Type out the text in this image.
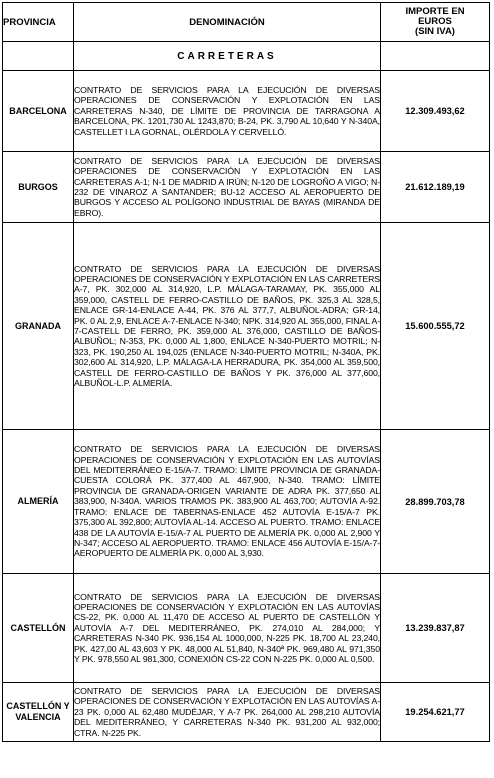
PROVINCIA	DENOMINACIÓN	IMPORTE EN
EUROS
(SIN IVA)

	CARRETERAS	
BARCELONA	CONTRATO DE SERVICIOS PARA LA EJECUCIÓN DE DIVERSAS OPERACIONES DE CONSERVACIÓN Y EXPLOTACIÓN EN LAS CARRETERAS N-340, DE LÍMITE DE PROVINCIA DE TARRAGONA A BARCELONA, PK. 1201,730 AL 1243,870; B-24, PK. 3,790 AL 10,640 Y N-340A, CASTELLET I LA GORNAL, OLÉRDOLA Y CERVELLÓ.	12.309.493,62
BURGOS	CONTRATO DE SERVICIOS PARA LA EJECUCIÓN DE DIVERSAS OPERACIONES DE CONSERVACIÓN Y EXPLOTACIÓN EN LAS CARRETERAS A-1; N-1 DE MADRID A IRÚN; N-120 DE LOGROÑO A VIGO; N-232 DE VINAROZ A SANTANDER; BU-12 ACCESO AL AEROPUERTO DE BURGOS Y ACCESO AL POLÍGONO INDUSTRIAL DE BAYAS (MIRANDA DE EBRO).	21.612.189,19
GRANADA	CONTRATO DE SERVICIOS PARA LA EJECUCIÓN DE DIVERSAS OPERACIONES DE CONSERVACIÓN Y EXPLOTACIÓN EN LAS CARRETERS A-7, PK. 302,000 AL 314,920, L.P. MÁLAGA-TARAMAY, PK. 355,000 AL 359,000, CASTELL DE FERRO-CASTILLO DE BAÑOS, PK. 325,3 AL 328,5, ENLACE GR-14-ENLACE A-44, PK. 376 AL 377,7, ALBUÑOL-ADRA; GR-14, PK. 0 AL 2,9, ENLACE A-7-ENLACE N-340; NPK. 314,920 AL 355,000, FINAL A-7-CASTELL DE FERRO, PK. 359,000 AL 376,000, CASTILLO DE BAÑOS-ALBUÑOL; N-353, PK. 0,000 AL 1,800, ENLACE N-340-PUERTO MOTRIL; N-323, PK. 190,250 AL 194,025 (ENLACE N-340-PUERTO MOTRIL; N-340A, PK. 302,600 AL 314,920, L.P. MÁLAGA-LA HERRADURA, PK. 354,000 AL 359,500, CASTELL DE FERRO-CASTILLO DE BAÑOS Y PK. 376,000 AL 377,600, ALBUÑOL-L.P. ALMERÍA.	15.600.555,72
ALMERÍA	CONTRATO DE SERVICIOS PARA LA EJECUCIÓN DE DIVERSAS OPERACIONES DE CONSERVACIÓN Y EXPLOTACIÓN EN LAS AUTOVÍAS DEL MEDITERRÁNEO E-15/A-7. TRAMO: LÍMITE PROVINCIA DE GRANADA-CUESTA COLORÁ PK. 377,400 AL 467,900, N-340. TRAMO: LÍMITE PROVINCIA DE GRANADA-ORIGEN VARIANTE DE ADRA PK. 377,650 AL 383,900, N-340A. VARIOS TRAMOS PK. 383,900 AL 463,700; AUTOVÍA A-92. TRAMO: ENLACE DE TABERNAS-ENLACE 452 AUTOVÍA E-15/A-7 PK. 375,300 AL 392,800; AUTOVÍA AL-14. ACCESO AL PUERTO. TRAMO: ENLACE 438 DE LA AUTOVÍA E-15/A-7 AL PUERTO DE ALMERÍA PK. 0,000 AL 2,900 Y N-347; ACCESO AL AEROPUERTO. TRAMO: ENLACE 456 AUTOVÍA E-15/A-7-AEROPUERTO DE ALMERÍA PK. 0,000 AL 3,930.	28.899.703,78
CASTELLÓN	CONTRATO DE SERVICIOS PARA LA EJECUCIÓN DE DIVERSAS OPERACIONES DE CONSERVACIÓN Y EXPLOTACIÓN EN LAS AUTOVÍAS CS-22, PK. 0,000 AL 11,470 DE ACCESO AL PUERTO DE CASTELLÓN Y AUTOVÍA A-7 DEL MEDITERRÁNEO, PK. 274,010 AL 284,000; Y CARRETERAS N-340 PK. 936,154 AL 1000,000, N-225 PK. 18,700 AL 23,240, PK. 427,00 AL 43,603 Y PK. 48,000 AL 51,840, N-340ª PK. 969,480 AL 971,350 Y PK. 978,550 AL 981,300, CONEXIÓN CS-22 CON N-225 PK. 0,000 AL 0,500.	13.239.837,87
CASTELLÓN Y VALENCIA	CONTRATO DE SERVICIOS PARA LA EJECUCIÓN DE DIVERSAS OPERACIONES DE CONSERVACIÓN Y EXPLOTACIÓN EN LAS AUTOVÍAS A-23 PK. 0,000 AL 62,480 MUDÉJAR, Y A-7 PK. 264,000 AL 298,210 AUTOVÍA DEL MEDITERRÁNEO, Y CARRETERAS N-340 PK. 931,200 AL 932,000; CTRA. N-225 PK.	19.254.621,77
